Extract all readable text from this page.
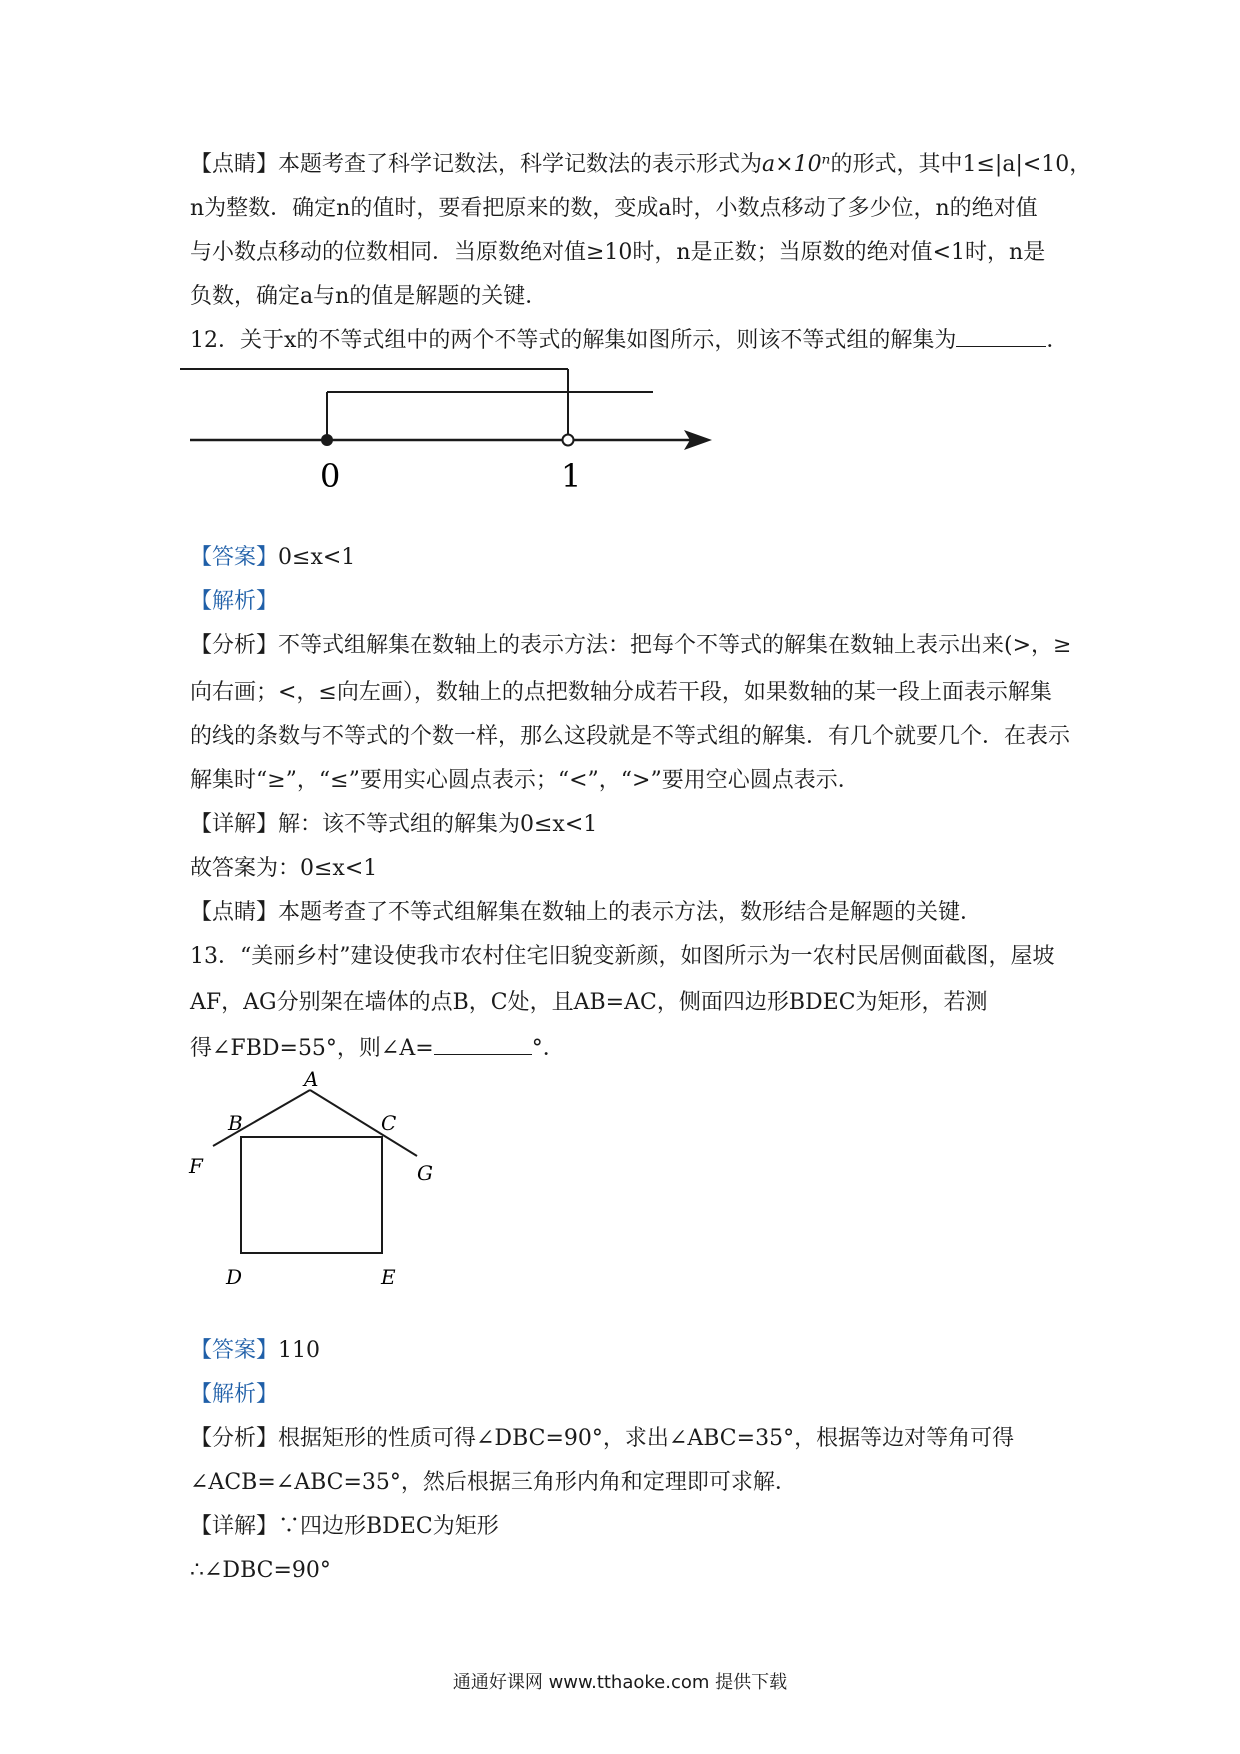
【点睛】本题考查了科学记数法，科学记数法的表示形式为a×10ⁿ的形式，其中1≤|a|<10，
n为整数．确定n的值时，要看把原来的数，变成a时，小数点移动了多少位，n的绝对值
与小数点移动的位数相同．当原数绝对值≥10时，n是正数；当原数的绝对值<1时，n是
负数，确定a与n的值是解题的关键．
12．关于x的不等式组中的两个不等式的解集如图所示，则该不等式组的解集为	．
0	1
【答案】0≤x<1
【解析】
【分析】不等式组解集在数轴上的表示方法：把每个不等式的解集在数轴上表示出来(>，≥
向右画；<，≤向左画），数轴上的点把数轴分成若干段，如果数轴的某一段上面表示解集
的线的条数与不等式的个数一样，那么这段就是不等式组的解集．有几个就要几个．在表示
解集时“≥”，“≤”要用实心圆点表示；“<”，“>”要用空心圆点表示．
【详解】解：该不等式组的解集为0≤x<1
故答案为：0≤x<1
【点睛】本题考查了不等式组解集在数轴上的表示方法，数形结合是解题的关键．
13．“美丽乡村”建设使我市农村住宅旧貌变新颜，如图所示为一农村民居侧面截图，屋坡
AF，AG分别架在墙体的点B，C处，且AB=AC，侧面四边形BDEC为矩形，若测
得∠FBD=55°，则∠A=	°．
A
B	C
F	G
D	E
【答案】110
【解析】
【分析】根据矩形的性质可得∠DBC=90°，求出∠ABC=35°，根据等边对等角可得
∠ACB=∠ABC=35°，然后根据三角形内角和定理即可求解．
【详解】∵四边形BDEC为矩形
∴∠DBC=90°
通通好课网 www.tthaoke.com 提供下载
